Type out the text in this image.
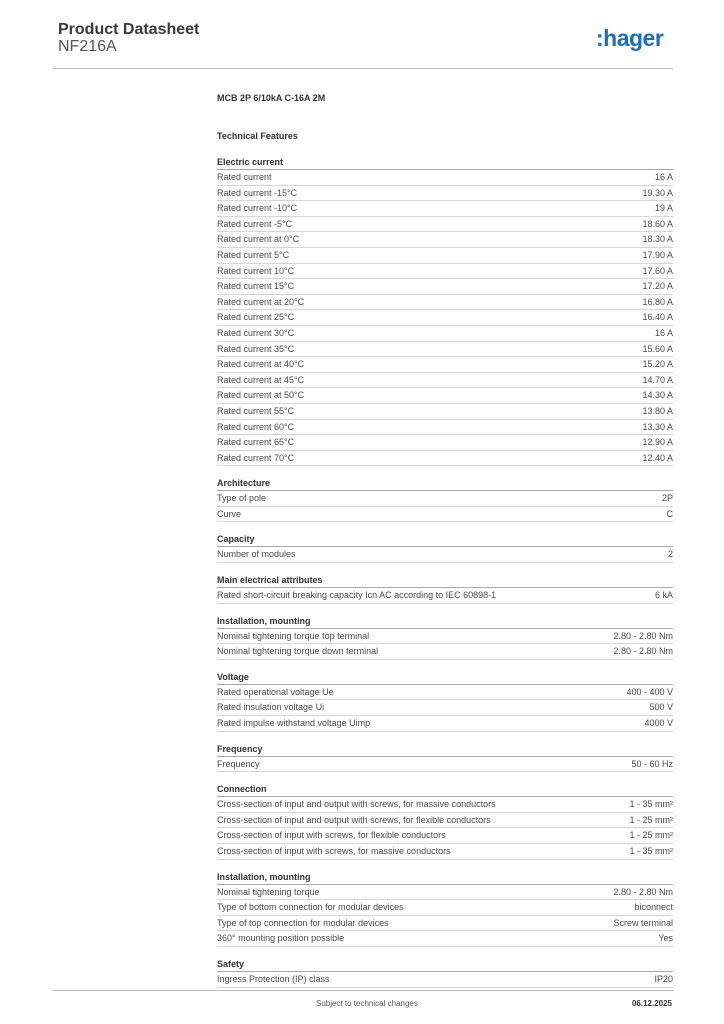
Product Datasheet
NF216A	:hager
MCB 2P 6/10kA C-16A 2M
Technical Features
Electric current
Rated current	16 A
Rated current -15°C	19.30 A
Rated current -10°C	19 A
Rated current -5°C	18.60 A
Rated current at 0°C	18.30 A
Rated current 5°C	17.90 A
Rated current 10°C	17.60 A
Rated current 15°C	17.20 A
Rated current at 20°C	16.80 A
Rated current 25°C	16.40 A
Rated current 30°C	16 A
Rated current 35°C	15.60 A
Rated current at 40°C	15.20 A
Rated current at 45°C	14.70 A
Rated current at 50°C	14.30 A
Rated current 55°C	13.80 A
Rated current 60°C	13.30 A
Rated current 65°C	12.90 A
Rated current 70°C	12.40 A
Architecture
Type of pole	2P
Curve	C
Capacity
Number of modules	2
Main electrical attributes
Rated short-circuit breaking capacity Icn AC according to IEC 60898-1	6 kA
Installation, mounting
Nominal tightening torque top terminal	2.80 - 2.80 Nm
Nominal tightening torque down terminal	2.80 - 2.80 Nm
Voltage
Rated operational voltage Ue	400 - 400 V
Rated insulation voltage Ui	500 V
Rated impulse withstand voltage Uimp	4000 V
Frequency
Frequency	50 - 60 Hz
Connection
Cross-section of input and output with screws, for massive conductors	1 - 35 mm²
Cross-section of input and output with screws, for flexible conductors	1 - 25 mm²
Cross-section of input with screws, for flexible conductors	1 - 25 mm²
Cross-section of input with screws, for massive conductors	1 - 35 mm²
Installation, mounting
Nominal tightening torque	2.80 - 2.80 Nm
Type of bottom connection for modular devices	biconnect
Type of top connection for modular devices	Screw terminal
360° mounting position possible	Yes
Safety
Ingress Protection (IP) class	IP20
Subject to technical changes	06.12.2025
